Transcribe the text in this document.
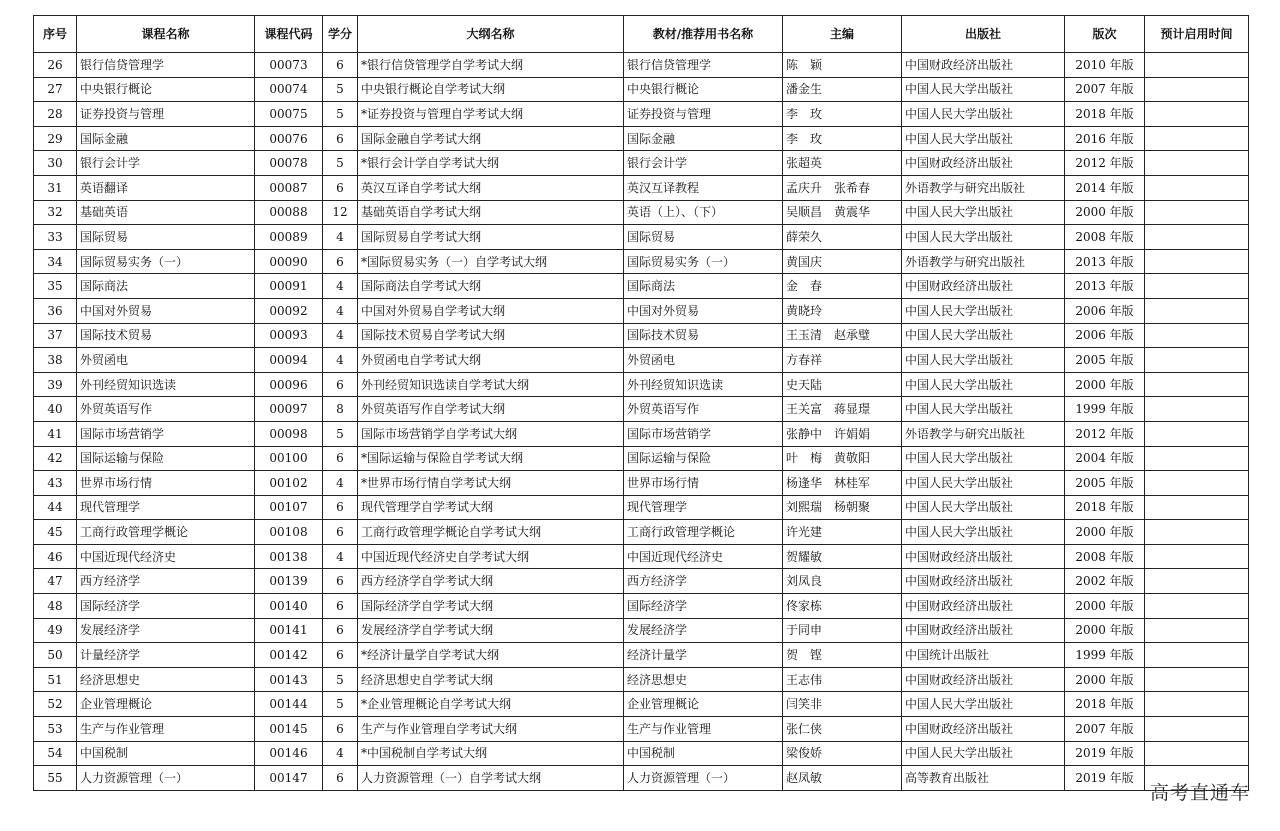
序号	课程名称	课程代码	学分	大纲名称	教材/推荐用书名称	主编	出版社	版次	预计启用时间
26	银行信贷管理学	00073	6	*银行信贷管理学自学考试大纲	银行信贷管理学	陈　颖	中国财政经济出版社	2010 年版	
27	中央银行概论	00074	5	中央银行概论自学考试大纲	中央银行概论	潘金生	中国人民大学出版社	2007 年版	
28	证券投资与管理	00075	5	*证券投资与管理自学考试大纲	证券投资与管理	李　玫	中国人民大学出版社	2018 年版	
29	国际金融	00076	6	国际金融自学考试大纲	国际金融	李　玫	中国人民大学出版社	2016 年版	
30	银行会计学	00078	5	*银行会计学自学考试大纲	银行会计学	张超英	中国财政经济出版社	2012 年版	
31	英语翻译	00087	6	英汉互译自学考试大纲	英汉互译教程	孟庆升　张希春	外语教学与研究出版社	2014 年版	
32	基础英语	00088	12	基础英语自学考试大纲	英语（上）、（下）	吴顺昌　黄震华	中国人民大学出版社	2000 年版	
33	国际贸易	00089	4	国际贸易自学考试大纲	国际贸易	薛荣久	中国人民大学出版社	2008 年版	
34	国际贸易实务（一）	00090	6	*国际贸易实务（一）自学考试大纲	国际贸易实务（一）	黄国庆	外语教学与研究出版社	2013 年版	
35	国际商法	00091	4	国际商法自学考试大纲	国际商法	金　春	中国财政经济出版社	2013 年版	
36	中国对外贸易	00092	4	中国对外贸易自学考试大纲	中国对外贸易	黄晓玲	中国人民大学出版社	2006 年版	
37	国际技术贸易	00093	4	国际技术贸易自学考试大纲	国际技术贸易	王玉清　赵承璧	中国人民大学出版社	2006 年版	
38	外贸函电	00094	4	外贸函电自学考试大纲	外贸函电	方春祥	中国人民大学出版社	2005 年版	
39	外刊经贸知识选读	00096	6	外刊经贸知识选读自学考试大纲	外刊经贸知识选读	史天陆	中国人民大学出版社	2000 年版	
40	外贸英语写作	00097	8	外贸英语写作自学考试大纲	外贸英语写作	王关富　蒋显璟	中国人民大学出版社	1999 年版	
41	国际市场营销学	00098	5	国际市场营销学自学考试大纲	国际市场营销学	张静中　许娟娟	外语教学与研究出版社	2012 年版	
42	国际运输与保险	00100	6	*国际运输与保险自学考试大纲	国际运输与保险	叶　梅　黄敬阳	中国人民大学出版社	2004 年版	
43	世界市场行情	00102	4	*世界市场行情自学考试大纲	世界市场行情	杨逢华　林桂军	中国人民大学出版社	2005 年版	
44	现代管理学	00107	6	现代管理学自学考试大纲	现代管理学	刘熙瑞　杨朝聚	中国人民大学出版社	2018 年版	
45	工商行政管理学概论	00108	6	工商行政管理学概论自学考试大纲	工商行政管理学概论	许光建	中国人民大学出版社	2000 年版	
46	中国近现代经济史	00138	4	中国近现代经济史自学考试大纲	中国近现代经济史	贺耀敏	中国财政经济出版社	2008 年版	
47	西方经济学	00139	6	西方经济学自学考试大纲	西方经济学	刘凤良	中国财政经济出版社	2002 年版	
48	国际经济学	00140	6	国际经济学自学考试大纲	国际经济学	佟家栋	中国财政经济出版社	2000 年版	
49	发展经济学	00141	6	发展经济学自学考试大纲	发展经济学	于同申	中国财政经济出版社	2000 年版	
50	计量经济学	00142	6	*经济计量学自学考试大纲	经济计量学	贺　铿	中国统计出版社	1999 年版	
51	经济思想史	00143	5	经济思想史自学考试大纲	经济思想史	王志伟	中国财政经济出版社	2000 年版	
52	企业管理概论	00144	5	*企业管理概论自学考试大纲	企业管理概论	闫笑非	中国人民大学出版社	2018 年版	
53	生产与作业管理	00145	6	生产与作业管理自学考试大纲	生产与作业管理	张仁侠	中国财政经济出版社	2007 年版	
54	中国税制	00146	4	*中国税制自学考试大纲	中国税制	梁俊娇	中国人民大学出版社	2019 年版	
55	人力资源管理（一）	00147	6	人力资源管理（一）自学考试大纲	人力资源管理（一）	赵凤敏	高等教育出版社	2019 年版	
高考直通车
